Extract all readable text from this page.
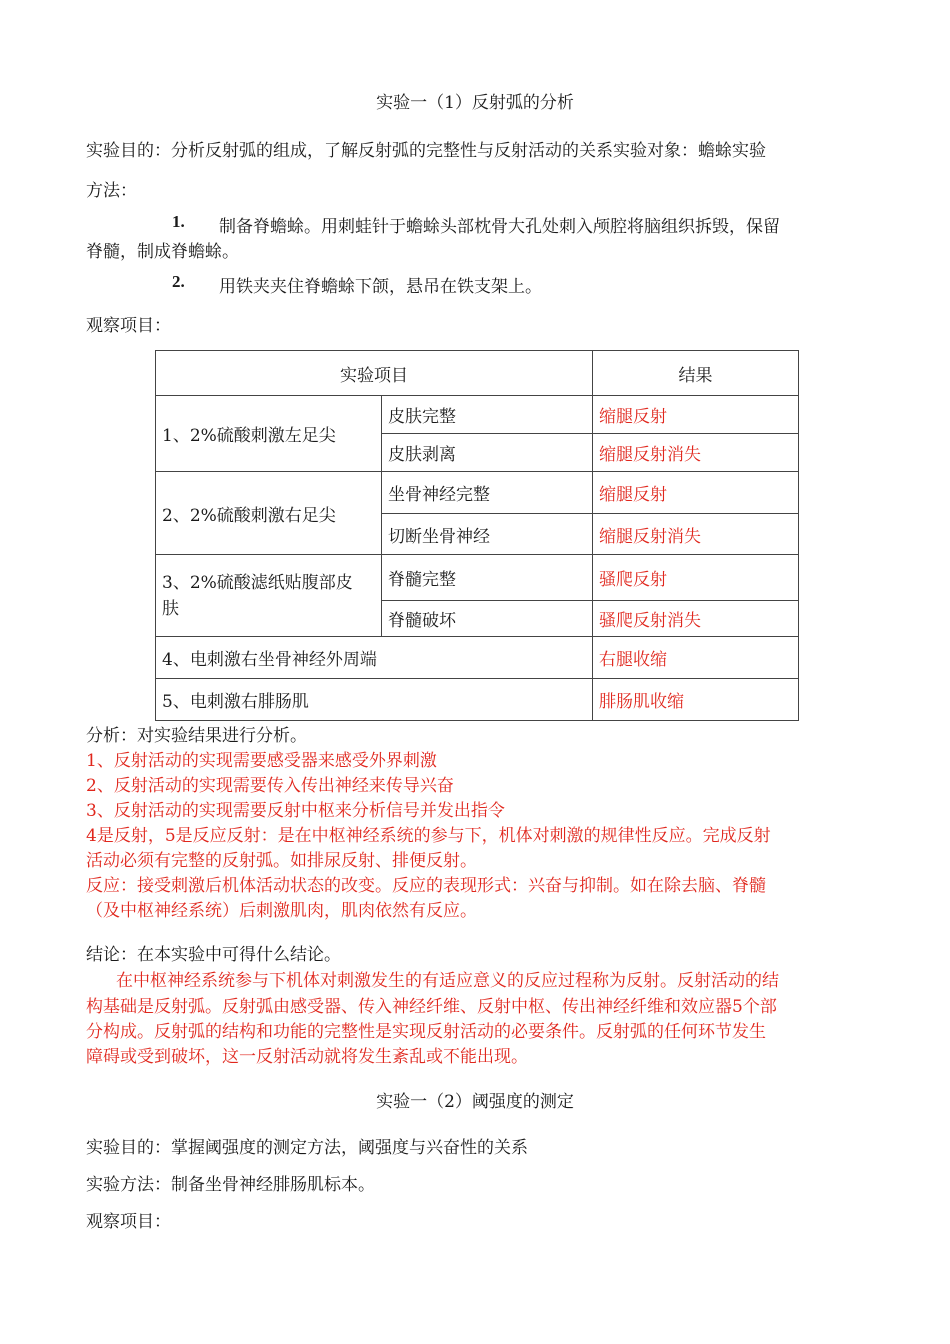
实验一（1）反射弧的分析
实验目的：分析反射弧的组成，了解反射弧的完整性与反射活动的关系实验对象：蟾蜍实验
方法：
1. 制备脊蟾蜍。用刺蛙针于蟾蜍头部枕骨大孔处刺入颅腔将脑组织拆毁，保留
脊髓，制成脊蟾蜍。
2. 用铁夹夹住脊蟾蜍下颌，悬吊在铁支架上。
观察项目：
实验项目		结果
1、2%硫酸刺激左足尖	皮肤完整	缩腿反射
	皮肤剥离	缩腿反射消失
2、2%硫酸刺激右足尖	坐骨神经完整	缩腿反射
	切断坐骨神经	缩腿反射消失

3、2%硫酸滤纸贴腹部皮
肤	脊髓完整	骚爬反射
	脊髓破坏	骚爬反射消失
4、电刺激右坐骨神经外周端		右腿收缩
5、电刺激右腓肠肌		腓肠肌收缩
分析：对实验结果进行分析。
1、反射活动的实现需要感受器来感受外界刺激
2、反射活动的实现需要传入传出神经来传导兴奋
3、反射活动的实现需要反射中枢来分析信号并发出指令
4是反射，5是反应反射：是在中枢神经系统的参与下，机体对刺激的规律性反应。完成反射
活动必须有完整的反射弧。如排尿反射、排便反射。
反应：接受刺激后机体活动状态的改变。反应的表现形式：兴奋与抑制。如在除去脑、脊髓
（及中枢神经系统）后刺激肌肉，肌肉依然有反应。
结论：在本实验中可得什么结论。
在中枢神经系统参与下机体对刺激发生的有适应意义的反应过程称为反射。反射活动的结
构基础是反射弧。反射弧由感受器、传入神经纤维、反射中枢、传出神经纤维和效应器5个部
分构成。反射弧的结构和功能的完整性是实现反射活动的必要条件。反射弧的任何环节发生
障碍或受到破坏，这一反射活动就将发生紊乱或不能出现。
实验一（2）阈强度的测定
实验目的：掌握阈强度的测定方法，阈强度与兴奋性的关系
实验方法：制备坐骨神经腓肠肌标本。
观察项目：
